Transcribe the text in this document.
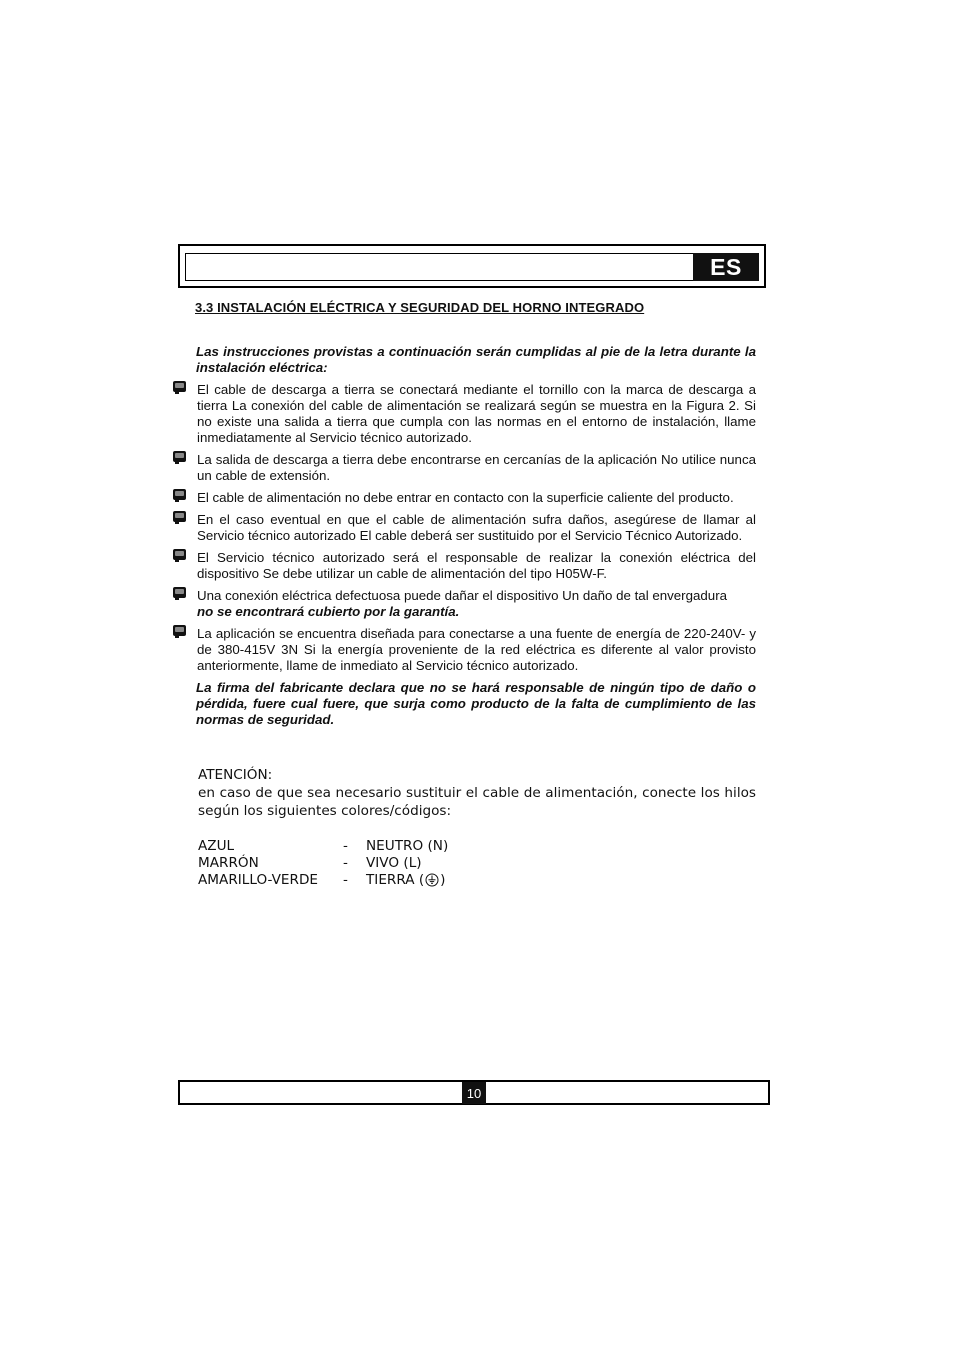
ES
3.3 INSTALACIÓN ELÉCTRICA Y SEGURIDAD DEL HORNO INTEGRADO

Las instrucciones provistas a continuación serán cumplidas al pie de la letra durante la instalación eléctrica:

El cable de descarga a tierra se conectará mediante el tornillo con la marca de descarga a tierra La conexión del cable de alimentación se realizará según se muestra en la Figura 2. Si no existe una salida a tierra que cumpla con las normas en el entorno de instalación, llame inmediatamente al Servicio técnico autorizado.
La salida de descarga a tierra debe encontrarse en cercanías de la aplicación No utilice nunca un cable de extensión.
El cable de alimentación no debe entrar en contacto con la superficie caliente del producto.
En el caso eventual en que el cable de alimentación sufra daños, asegúrese de llamar al Servicio técnico autorizado El cable deberá ser sustituido por el Servicio Técnico Autorizado.
El Servicio técnico autorizado será el responsable de realizar la conexión eléctrica del dispositivo Se debe utilizar un cable de alimentación del tipo H05W-F.
Una conexión eléctrica defectuosa puede dañar el dispositivo Un daño de tal envergadura
no se encontrará cubierto por la garantía.
La aplicación se encuentra diseñada para conectarse a una fuente de energía de 220-240V- y de 380-415V 3N Si la energía proveniente de la red eléctrica es diferente al valor provisto anteriormente, llame de inmediato al Servicio técnico autorizado.

La firma del fabricante declara que no se hará responsable de ningún tipo de daño o pérdida, fuere cual fuere, que surja como producto de la falta de cumplimiento de las normas de seguridad.

ATENCIÓN:

en caso de que sea necesario sustituir el cable de alimentación, conecte los hilos según los siguientes colores/códigos:

AZUL	-	NEUTRO (N)
MARRÓN	-	VIVO (L)
AMARILLO-VERDE	-	TIERRA ( )
10
